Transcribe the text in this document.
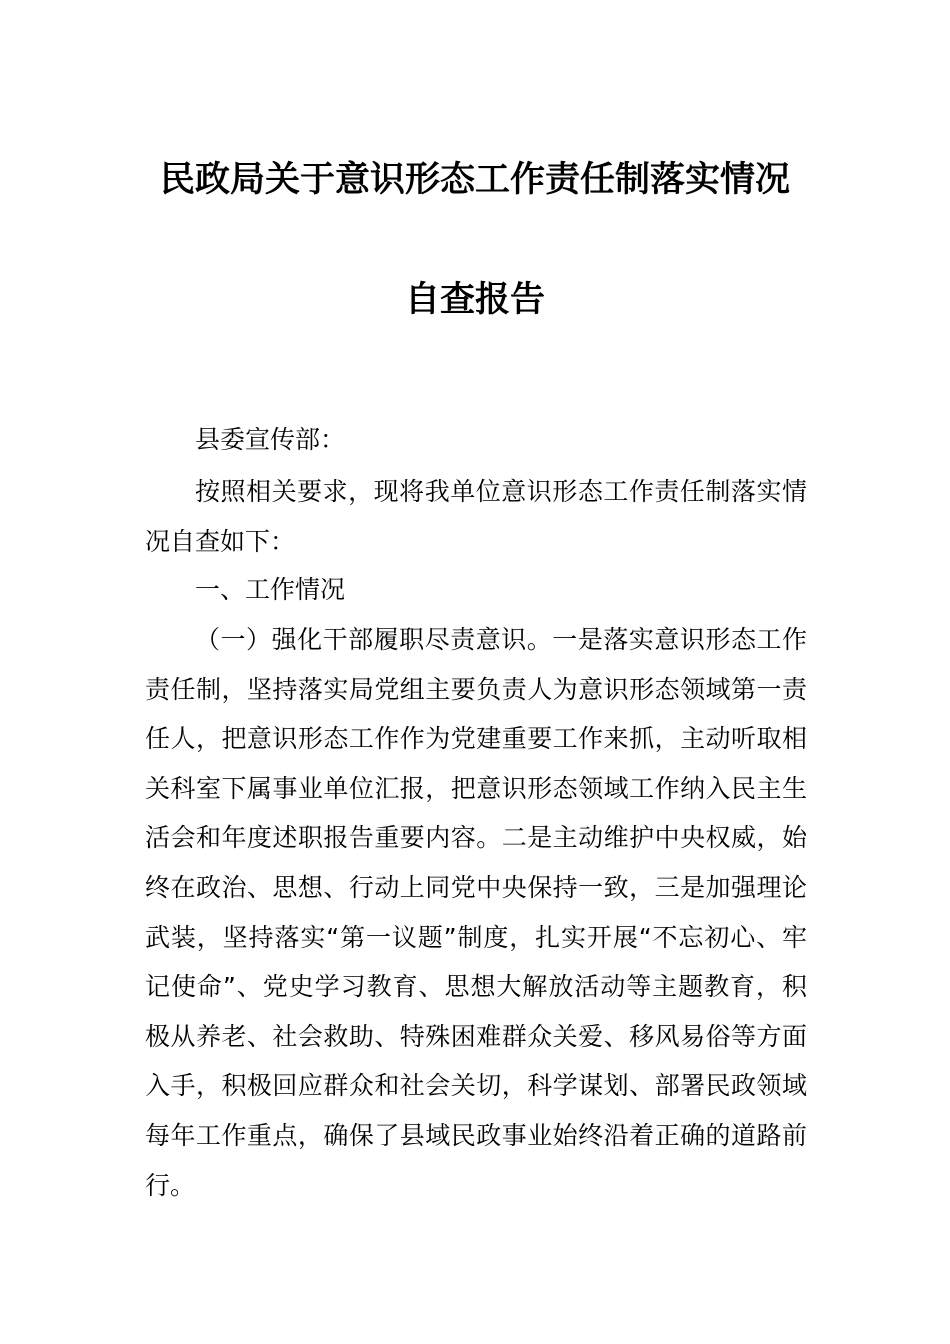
民政局关于意识形态工作责任制落实情况
自查报告
县委宣传部：

按照相关要求，现将我单位意识形态工作责任制落实情况自查如下：

一、工作情况

（一）强化干部履职尽责意识。一是落实意识形态工作责任制，坚持落实局党组主要负责人为意识形态领域第一责任人，把意识形态工作作为党建重要工作来抓，主动听取相关科室下属事业单位汇报，把意识形态领域工作纳入民主生活会和年度述职报告重要内容。二是主动维护中央权威，始终在政治、思想、行动上同党中央保持一致，三是加强理论武装，坚持落实“第一议题”制度，扎实开展“不忘初心、牢记使命”、党史学习教育、思想大解放活动等主题教育，积极从养老、社会救助、特殊困难群众关爱、移风易俗等方面入手，积极回应群众和社会关切，科学谋划、部署民政领域每年工作重点，确保了县域民政事业始终沿着正确的道路前行。
